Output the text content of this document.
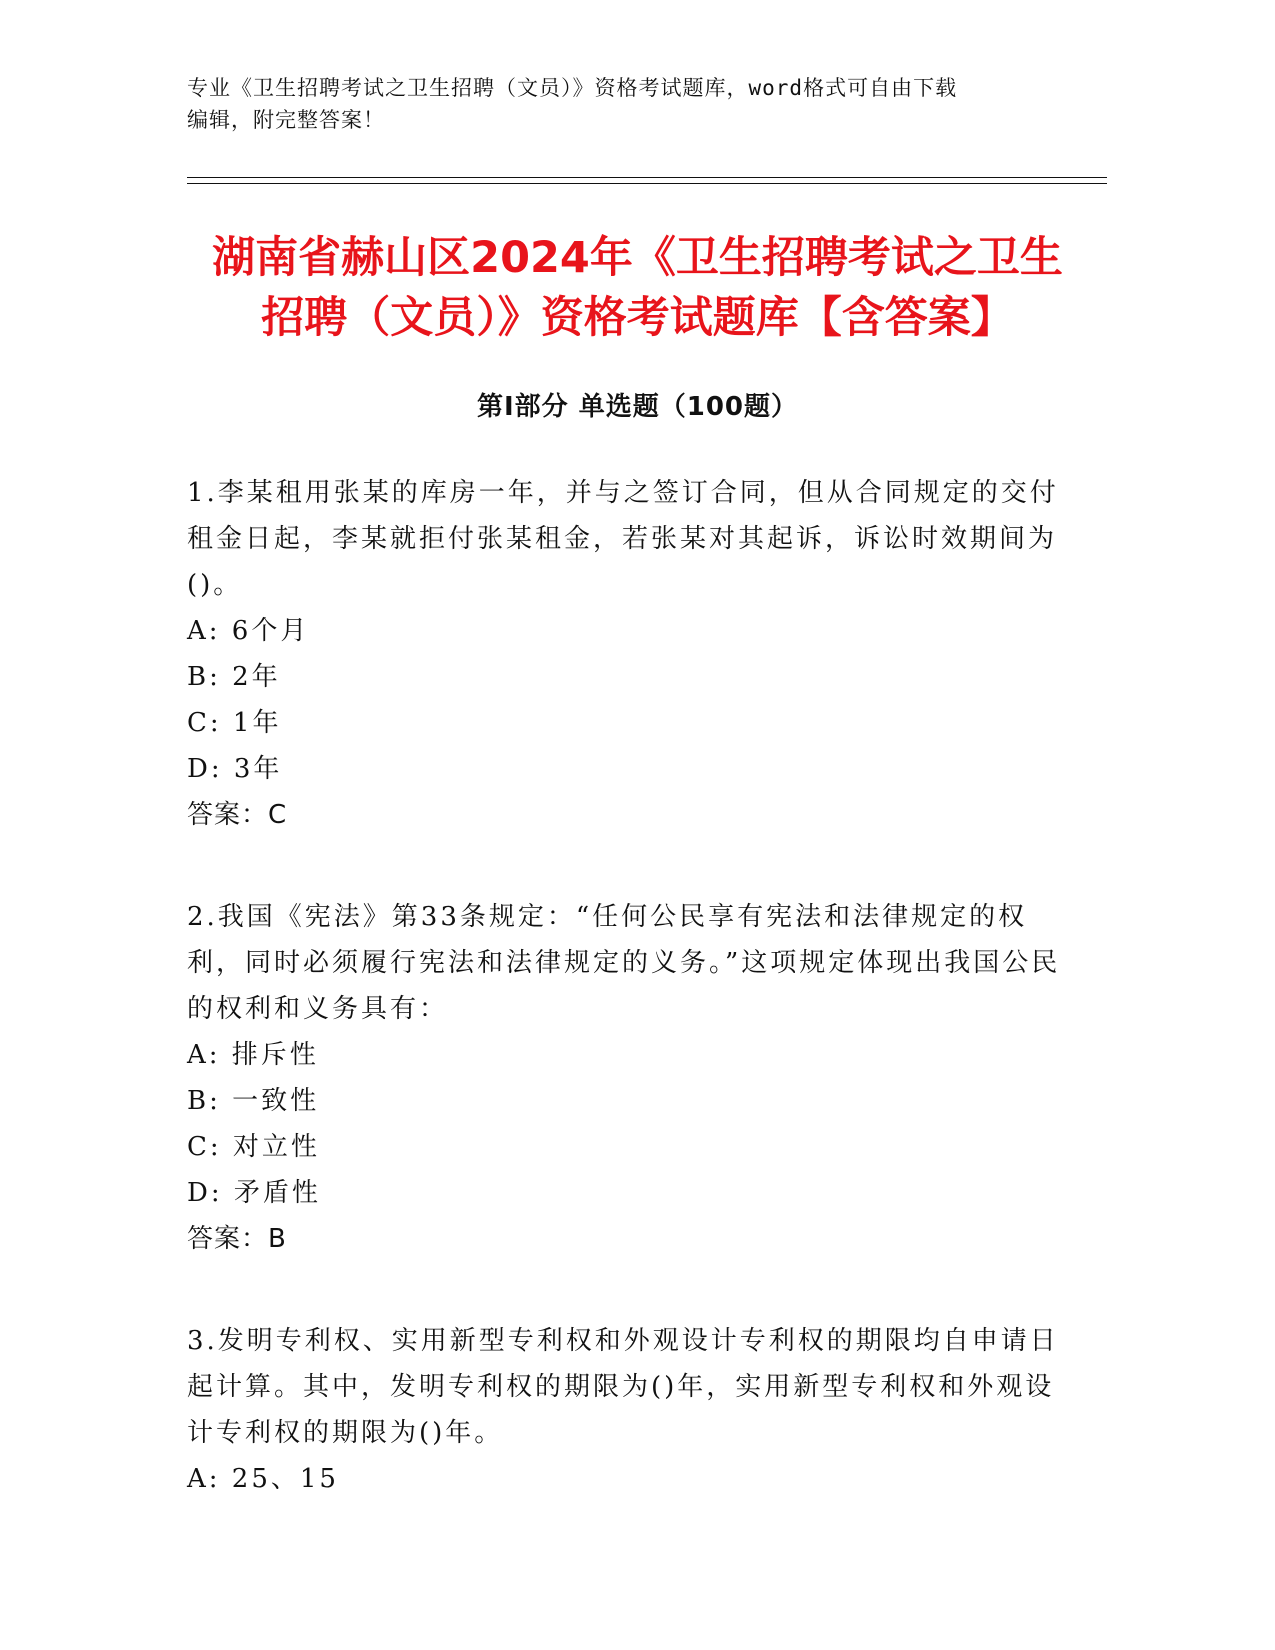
专业《卫生招聘考试之卫生招聘（文员）》资格考试题库，word格式可自由下载
编辑，附完整答案！
湖南省赫山区2024年《卫生招聘考试之卫生
招聘（文员）》资格考试题库【含答案】
第Ⅰ部分 单选题（100题）

1.李某租用张某的库房一年，并与之签订合同，但从合同规定的交付租金日起，李某就拒付张某租金，若张某对其起诉，诉讼时效期间为()。

A: 6个月
B: 2年
C: 1年
D: 3年
答案：C

2.我国《宪法》第33条规定：“任何公民享有宪法和法律规定的权利，同时必须履行宪法和法律规定的义务。”这项规定体现出我国公民的权利和义务具有：

A: 排斥性
B: 一致性
C: 对立性
D: 矛盾性
答案：B

3.发明专利权、实用新型专利权和外观设计专利权的期限均自申请日起计算。其中，发明专利权的期限为()年，实用新型专利权和外观设计专利权的期限为()年。

A: 25、15
